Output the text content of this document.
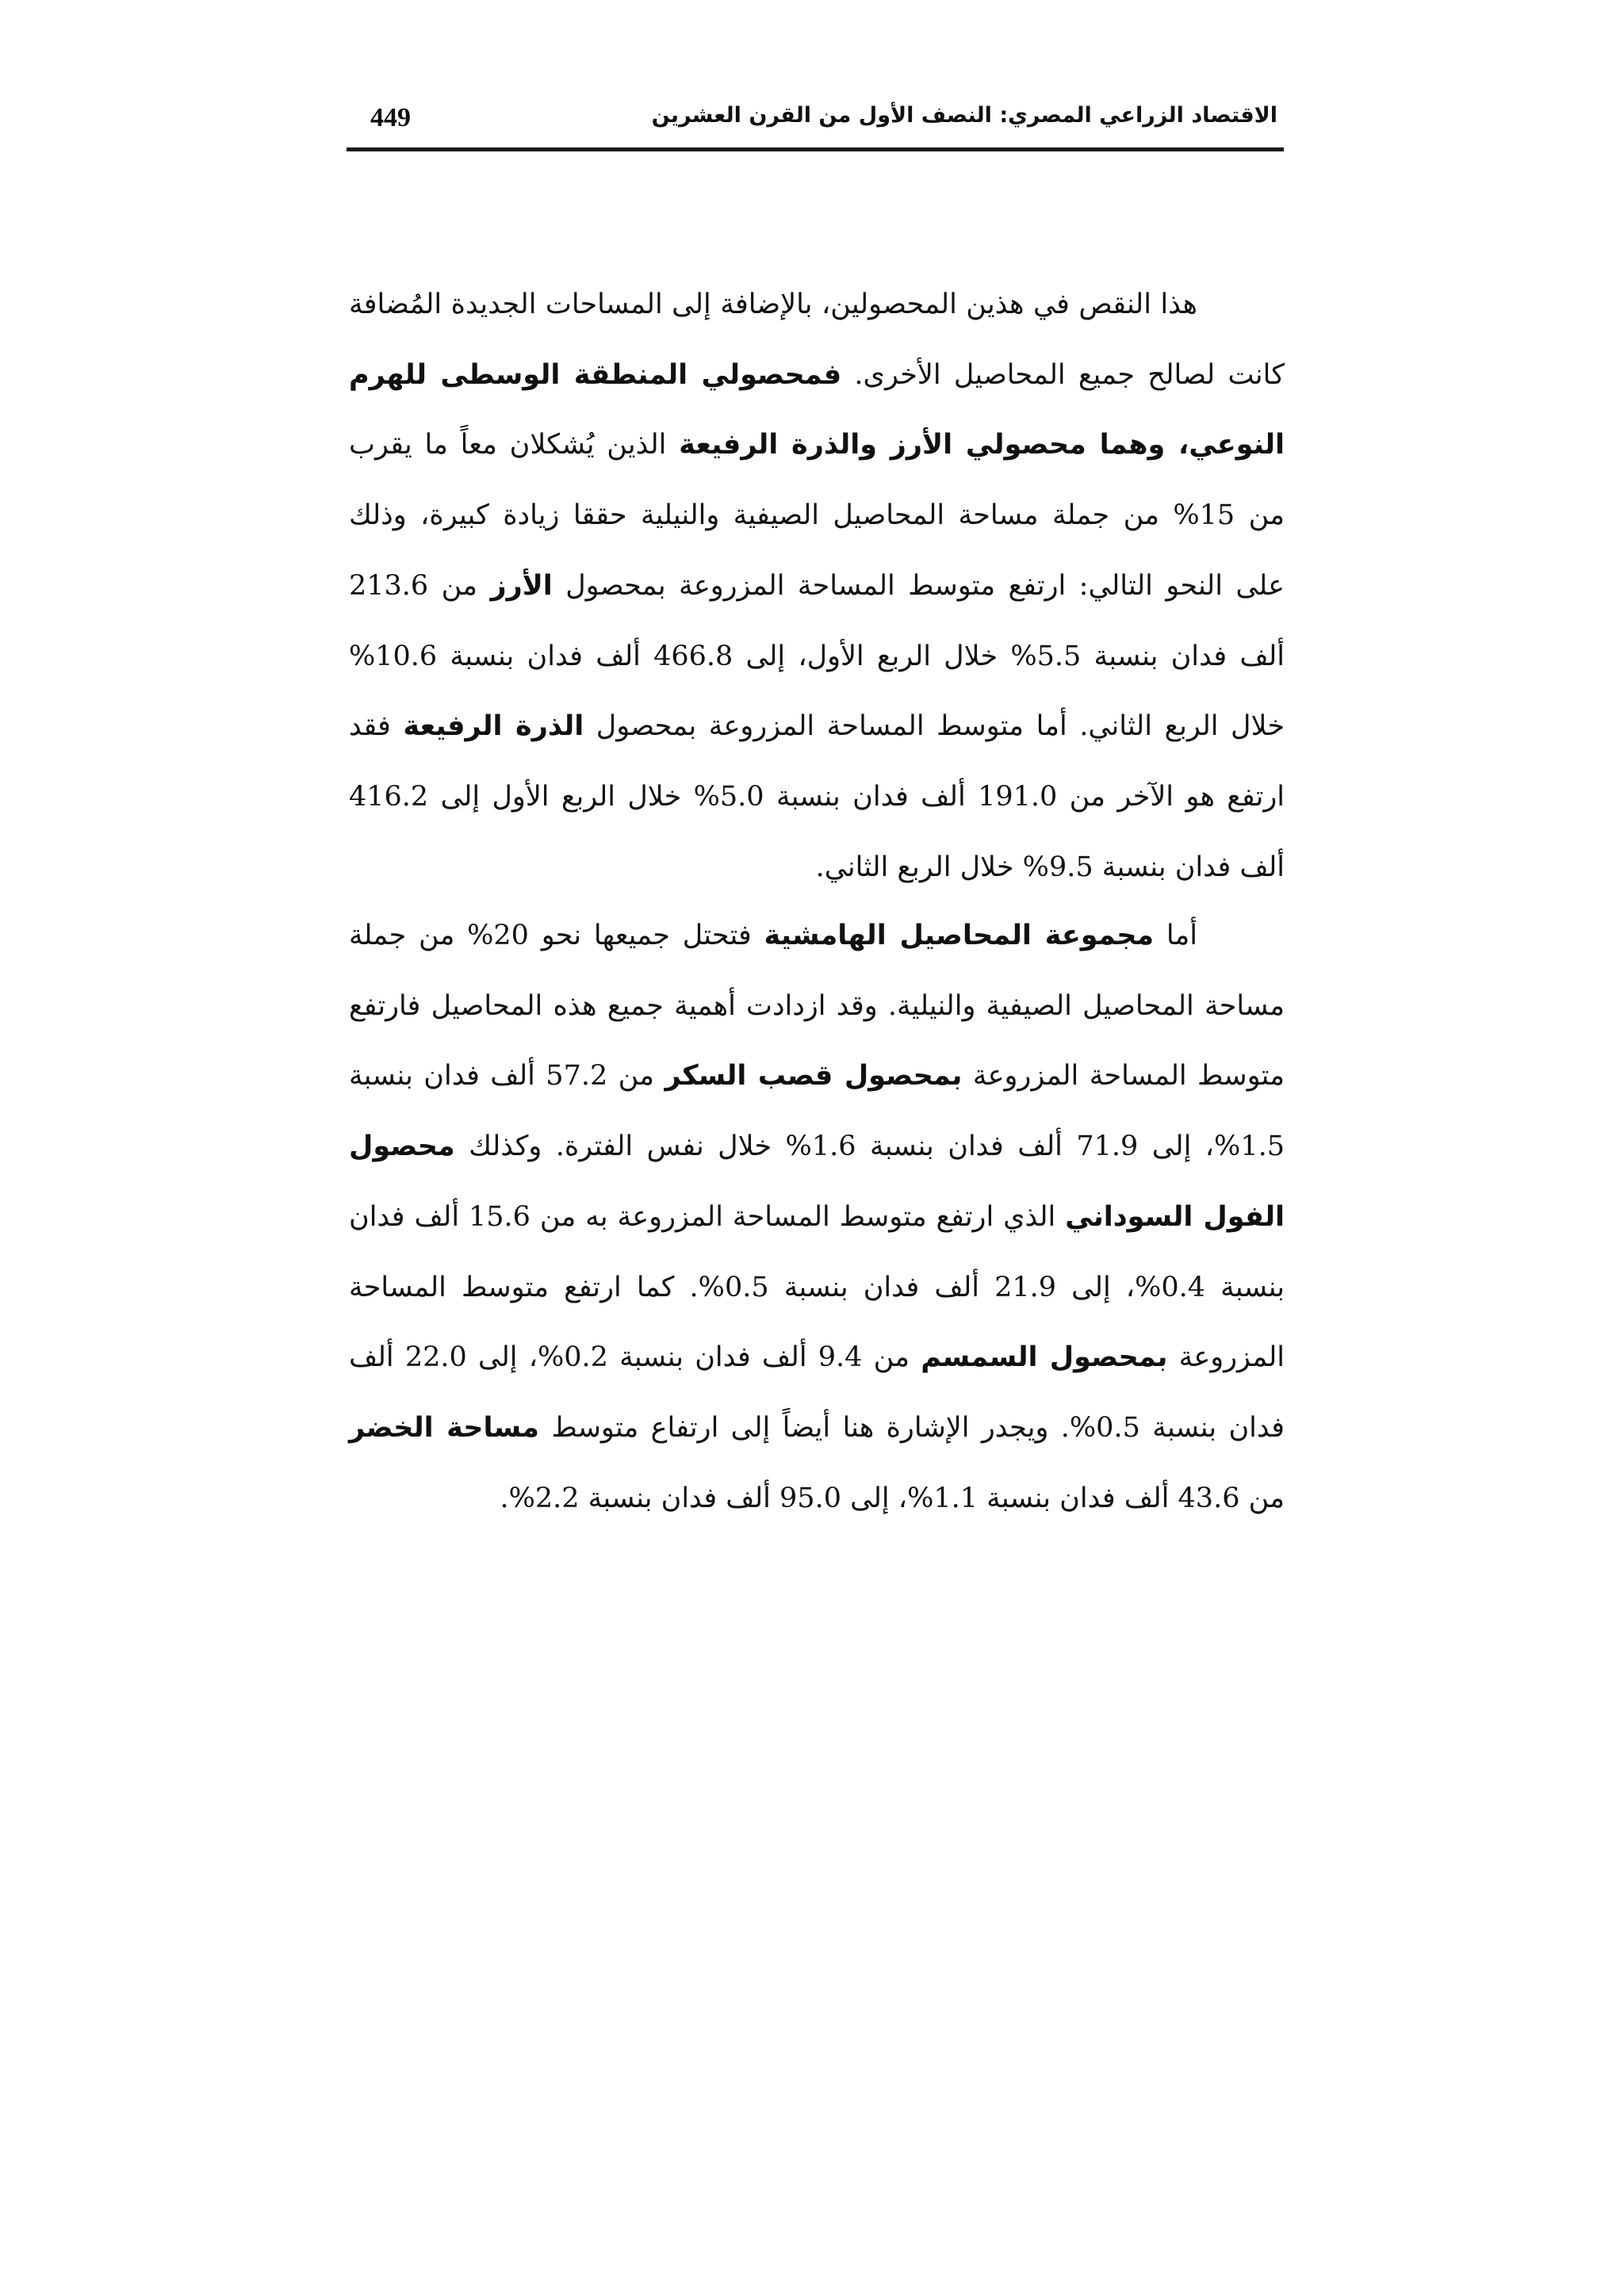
449	الاقتصاد الزراعي المصري: النصف الأول من القرن العشرين
هذا النقص في هذين المحصولين، بالإضافة إلى المساحات الجديدة المُضافة كانت لصالح جميع المحاصيل الأخرى. فمحصولي المنطقة الوسطى للهرم النوعي، وهما محصولي الأرز والذرة الرفيعة الذين يُشكلان معاً ما يقرب من 15% من جملة مساحة المحاصيل الصيفية والنيلية حققا زيادة كبيرة، وذلك على النحو التالي: ارتفع متوسط المساحة المزروعة بمحصول الأرز من 213.6 ألف فدان بنسبة 5.5% خلال الربع الأول، إلى 466.8 ألف فدان بنسبة 10.6% خلال الربع الثاني. أما متوسط المساحة المزروعة بمحصول الذرة الرفيعة فقد ارتفع هو الآخر من 191.0 ألف فدان بنسبة 5.0% خلال الربع الأول إلى 416.2 ألف فدان بنسبة 9.5% خلال الربع الثاني.
أما مجموعة المحاصيل الهامشية فتحتل جميعها نحو 20% من جملة مساحة المحاصيل الصيفية والنيلية. وقد ازدادت أهمية جميع هذه المحاصيل فارتفع متوسط المساحة المزروعة بمحصول قصب السكر من 57.2 ألف فدان بنسبة 1.5%، إلى 71.9 ألف فدان بنسبة 1.6% خلال نفس الفترة. وكذلك محصول الفول السوداني الذي ارتفع متوسط المساحة المزروعة به من 15.6 ألف فدان بنسبة 0.4%، إلى 21.9 ألف فدان بنسبة 0.5%. كما ارتفع متوسط المساحة المزروعة بمحصول السمسم من 9.4 ألف فدان بنسبة 0.2%، إلى 22.0 ألف فدان بنسبة 0.5%. ويجدر الإشارة هنا أيضاً إلى ارتفاع متوسط مساحة الخضر من 43.6 ألف فدان بنسبة 1.1%، إلى 95.0 ألف فدان بنسبة 2.2%.
